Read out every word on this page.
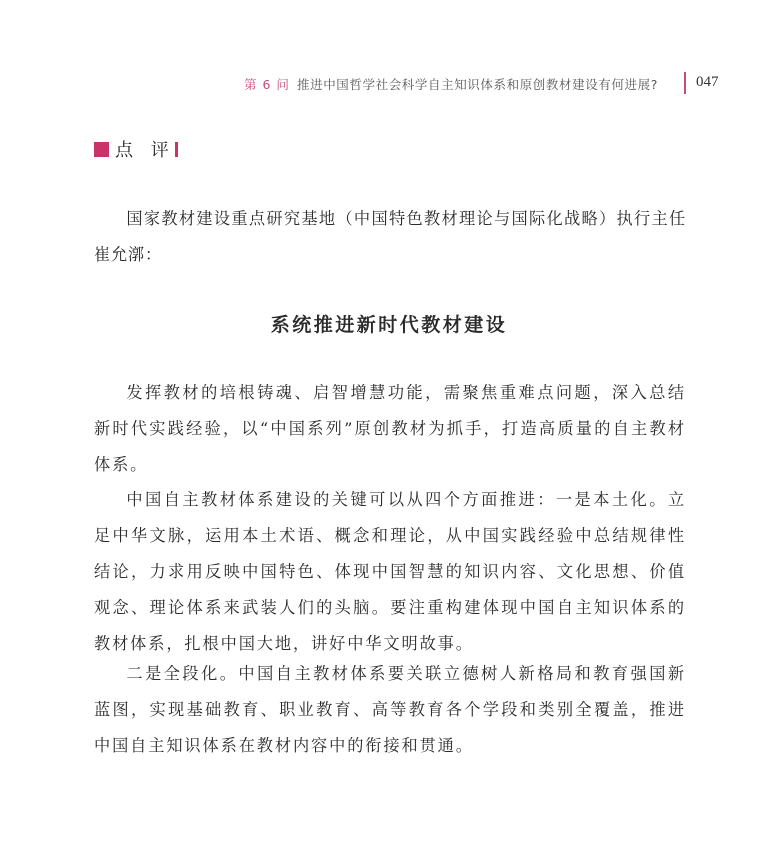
第 6 问 推进中国哲学社会科学自主知识体系和原创教材建设有何进展?	047
点 评

国家教材建设重点研究基地（中国特色教材理论与国际化战略）执行主任崔允漷：

系统推进新时代教材建设

发挥教材的培根铸魂、启智增慧功能，需聚焦重难点问题，深入总结新时代实践经验，以“中国系列”原创教材为抓手，打造高质量的自主教材体系。

中国自主教材体系建设的关键可以从四个方面推进：一是本土化。立足中华文脉，运用本土术语、概念和理论，从中国实践经验中总结规律性结论，力求用反映中国特色、体现中国智慧的知识内容、文化思想、价值观念、理论体系来武装人们的头脑。要注重构建体现中国自主知识体系的教材体系，扎根中国大地，讲好中华文明故事。

二是全段化。中国自主教材体系要关联立德树人新格局和教育强国新蓝图，实现基础教育、职业教育、高等教育各个学段和类别全覆盖，推进中国自主知识体系在教材内容中的衔接和贯通。
